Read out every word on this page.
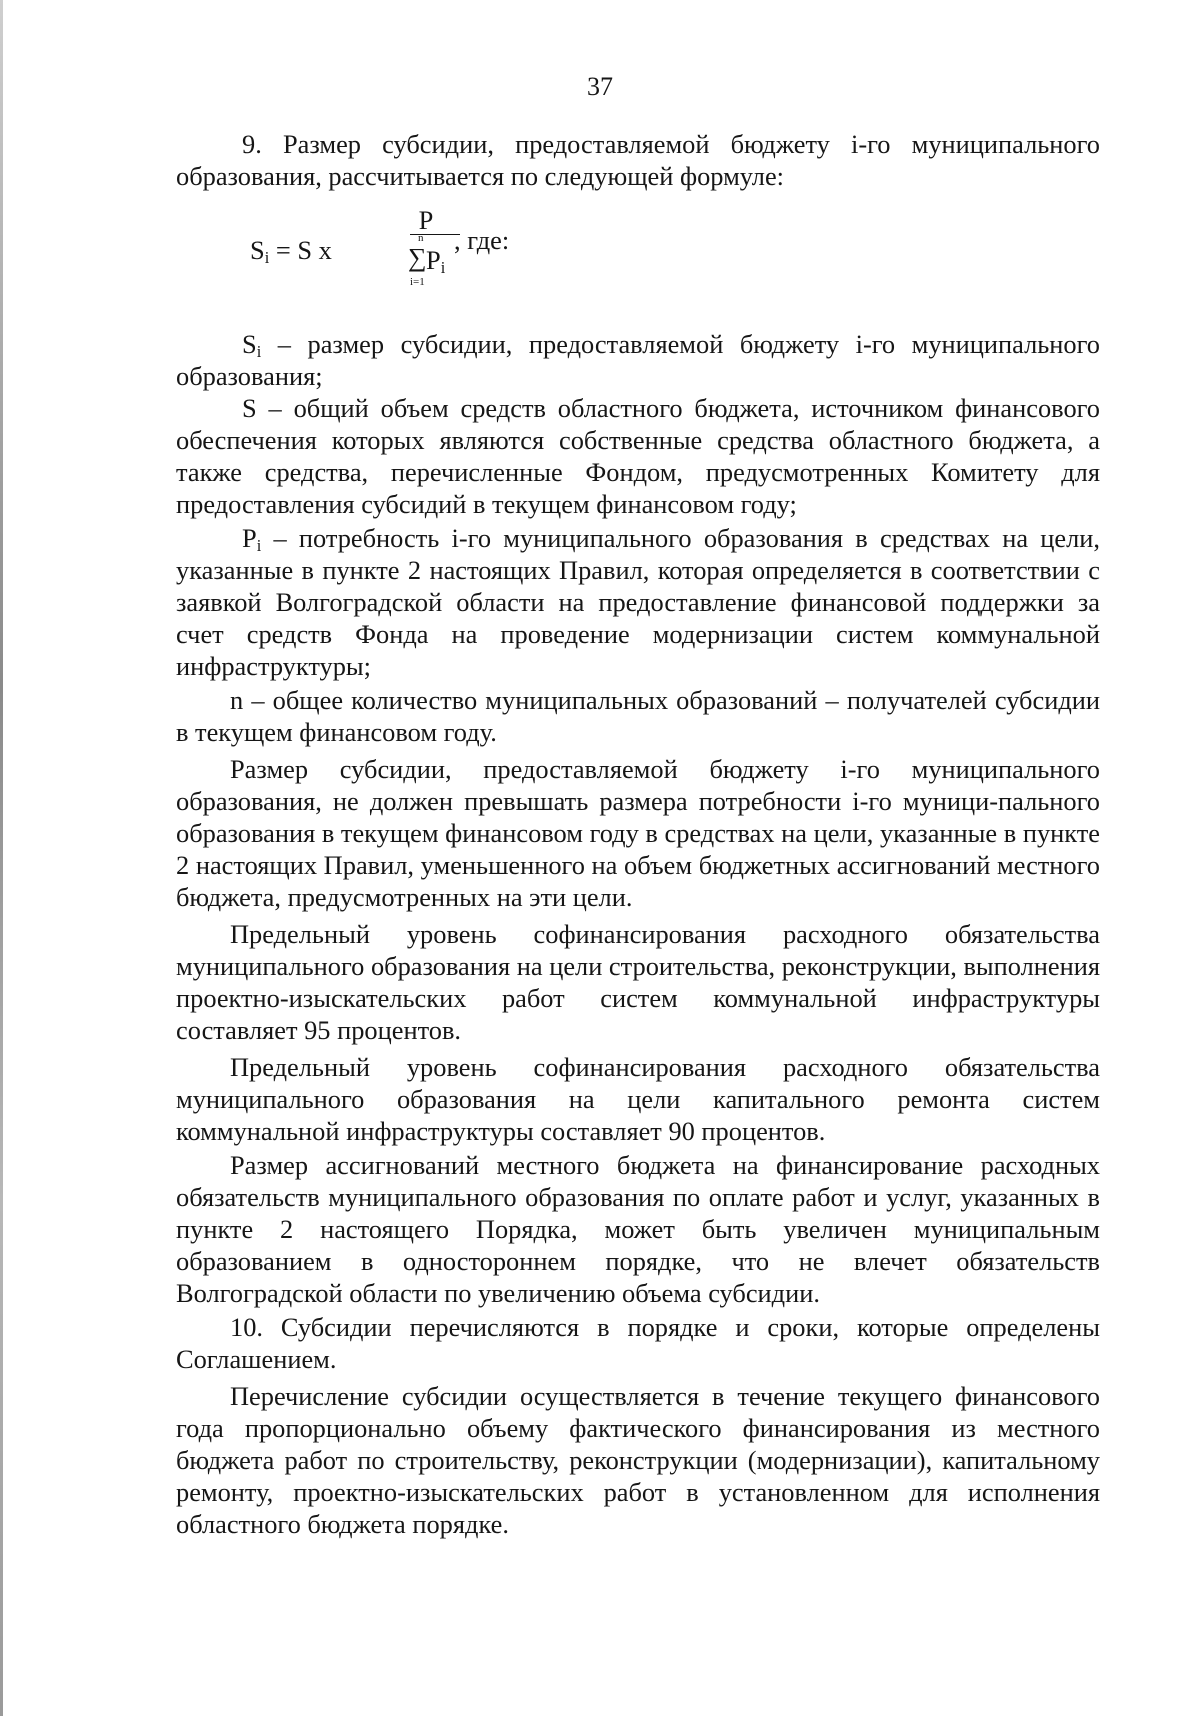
37

9. Размер субсидии, предоставляемой бюджету i-го муниципального образования, рассчитывается по следующей формуле:

$S_i = S$ x
P
n
∑ $P_i$
i=1
, где:

$S_i$ – размер субсидии, предоставляемой бюджету i-го муниципального образования;

S – общий объем средств областного бюджета, источником финансового обеспечения которых являются собственные средства областного бюджета, а также средства, перечисленные Фондом, предусмотренных Комитету для предоставления субсидий в текущем финансовом году;

$P_i$ – потребность i-го муниципального образования в средствах на цели, указанные в пункте 2 настоящих Правил, которая определяется в соответствии с заявкой Волгоградской области на предоставление финансовой поддержки за счет средств Фонда на проведение модернизации систем коммунальной инфраструктуры;

n – общее количество муниципальных образований – получателей субсидии в текущем финансовом году.

Размер субсидии, предоставляемой бюджету i-го муниципального образования, не должен превышать размера потребности i-го муници-пального образования в текущем финансовом году в средствах на цели, указанные в пункте 2 настоящих Правил, уменьшенного на объем бюджетных ассигнований местного бюджета, предусмотренных на эти цели.

Предельный уровень софинансирования расходного обязательства муниципального образования на цели строительства, реконструкции, выполнения проектно-изыскательских работ систем коммунальной инфраструктуры составляет 95 процентов.

Предельный уровень софинансирования расходного обязательства муниципального образования на цели капитального ремонта систем коммунальной инфраструктуры составляет 90 процентов.

Размер ассигнований местного бюджета на финансирование расходных обязательств муниципального образования по оплате работ и услуг, указанных в пункте 2 настоящего Порядка, может быть увеличен муниципальным образованием в одностороннем порядке, что не влечет обязательств Волгоградской области по увеличению объема субсидии.

10. Субсидии перечисляются в порядке и сроки, которые определены Соглашением.

Перечисление субсидии осуществляется в течение текущего финансового года пропорционально объему фактического финансирования из местного бюджета работ по строительству, реконструкции (модернизации), капитальному ремонту, проектно-изыскательских работ в установленном для исполнения областного бюджета порядке.
